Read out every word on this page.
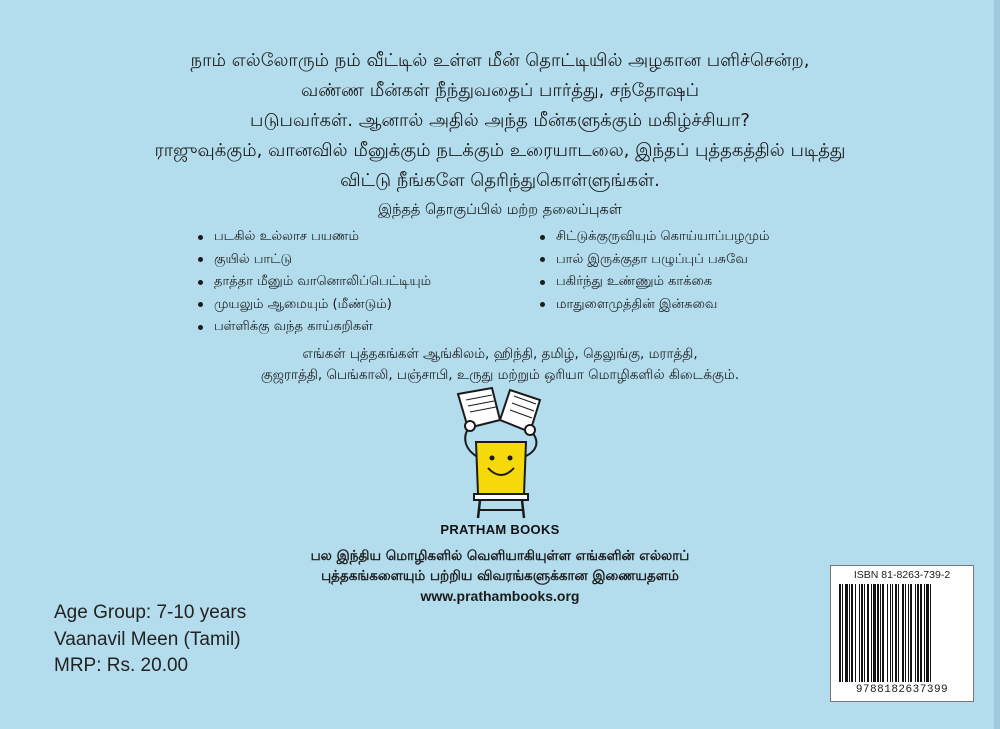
நாம் எல்லோரும் நம் வீட்டில் உள்ள மீன் தொட்டியில் அழகான பளிச்சென்ற,
வண்ண மீன்கள் நீந்துவதைப் பார்த்து, சந்தோஷப்
படுபவர்கள். ஆனால் அதில் அந்த மீன்களுக்கும் மகிழ்ச்சியா?
ராஜுவுக்கும், வானவில் மீனுக்கும் நடக்கும் உரையாடலை, இந்தப் புத்தகத்தில் படித்து
விட்டு நீங்களே தெரிந்துகொள்ளுங்கள்.
இந்தத் தொகுப்பில் மற்ற தலைப்புகள்
படகில் உல்லாச பயணம்
குயில் பாட்டு
தாத்தா மீனும் வானொலிப்பெட்டியும்
முயலும் ஆமையும் (மீண்டும்)
பள்ளிக்கு வந்த காய்கறிகள்
சிட்டுக்குருவியும் கொய்யாப்பழமும்
பால் இருக்குதா பழுப்புப் பசுவே
பகிர்ந்து உண்ணும் காக்கை
மாதுளைமுத்தின் இன்சுவை
எங்கள் புத்தகங்கள் ஆங்கிலம், ஹிந்தி, தமிழ், தெலுங்கு, மராத்தி,
குஜராத்தி, பெங்காலி, பஞ்சாபி, உருது மற்றும் ஒரியா மொழிகளில் கிடைக்கும்.
PRATHAM BOOKS
பல இந்திய மொழிகளில் வெளியாகியுள்ள எங்களின் எல்லாப்
புத்தகங்களையும் பற்றிய விவரங்களுக்கான இணையதளம்
www.prathambooks.org
Age Group: 7-10 years
Vaanavil Meen (Tamil)
MRP: Rs. 20.00
ISBN 81-8263-739-2
9788182637399
